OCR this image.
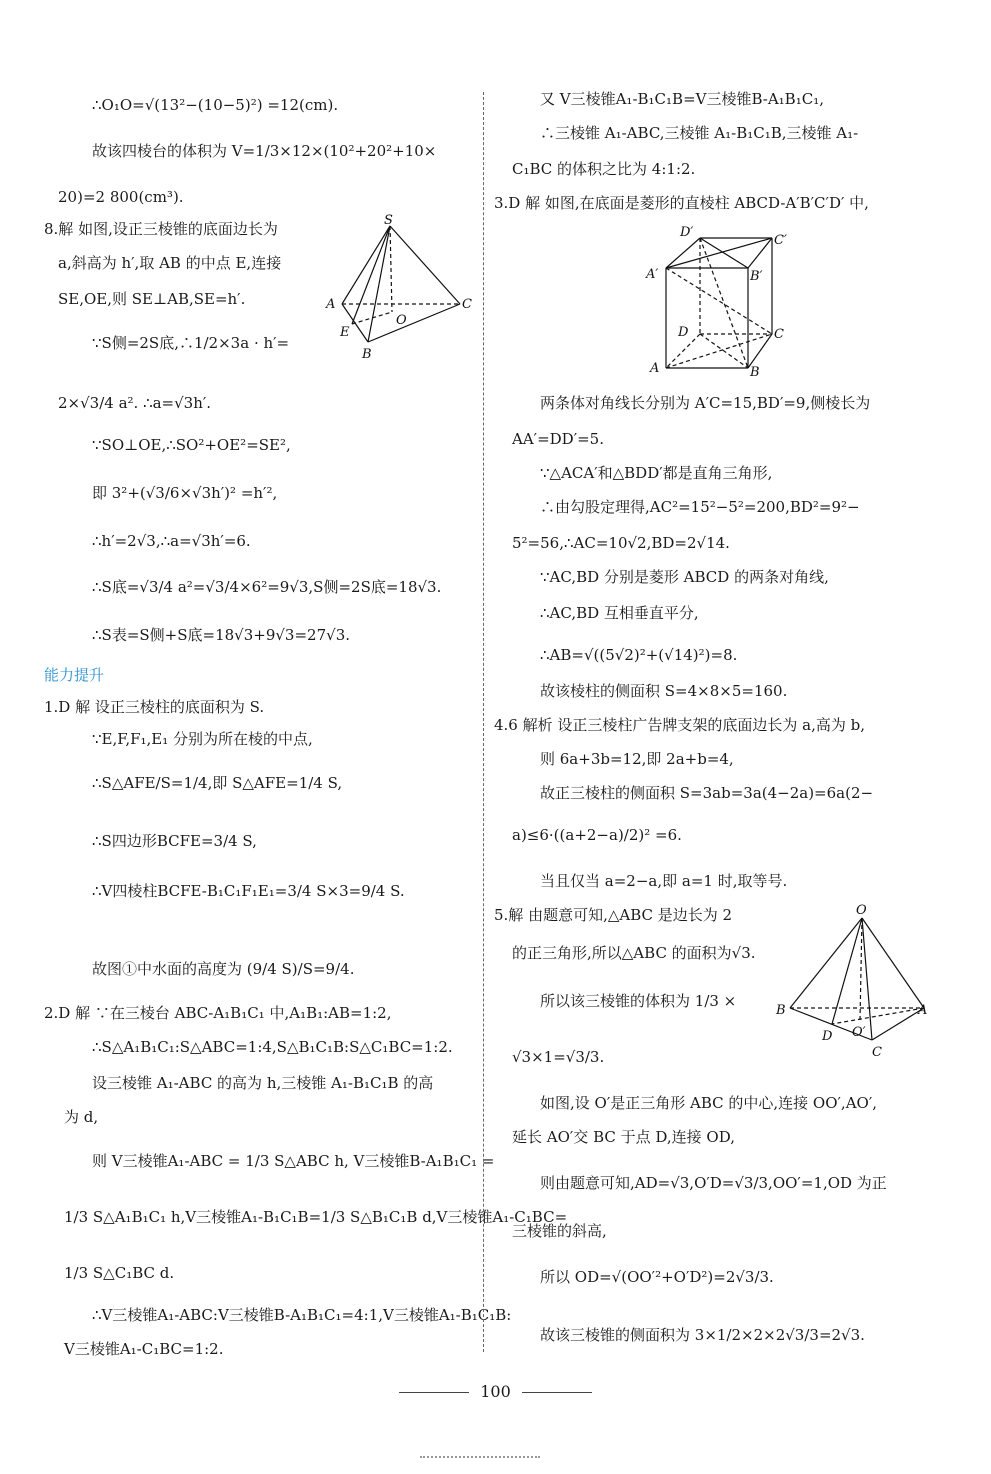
∴O₁O=√(13²−(10−5)²) =12(cm).
故该四棱台的体积为 V=1/3×12×(10²+20²+10×
20)=2 800(cm³).
8.解 如图,设正三棱锥的底面边长为
a,斜高为 h′,取 AB 的中点 E,连接
SE,OE,则 SE⊥AB,SE=h′.
∵S侧=2S底,∴1/2×3a · h′=
2×√3/4 a². ∴a=√3h′.
∵SO⊥OE,∴SO²+OE²=SE²,
即 3²+(√3/6×√3h′)² =h′²,
∴h′=2√3,∴a=√3h′=6.
∴S底=√3/4 a²=√3/4×6²=9√3,S侧=2S底=18√3.
∴S表=S侧+S底=18√3+9√3=27√3.
能力提升
1.D 解 设正三棱柱的底面积为 S.
∵E,F,F₁,E₁ 分别为所在棱的中点,
∴S△AFE/S=1/4,即 S△AFE=1/4 S,
∴S四边形BCFE=3/4 S,
∴V四棱柱BCFE-B₁C₁F₁E₁=3/4 S×3=9/4 S.
故图①中水面的高度为 (9/4 S)/S=9/4.
2.D 解 ∵在三棱台 ABC-A₁B₁C₁ 中,A₁B₁:AB=1:2,
∴S△A₁B₁C₁:S△ABC=1:4,S△B₁C₁B:S△C₁BC=1:2.
设三棱锥 A₁-ABC 的高为 h,三棱锥 A₁-B₁C₁B 的高
为 d,
则 V三棱锥A₁-ABC = 1/3 S△ABC h, V三棱锥B-A₁B₁C₁ =
1/3 S△A₁B₁C₁ h,V三棱锥A₁-B₁C₁B=1/3 S△B₁C₁B d,V三棱锥A₁-C₁BC=
1/3 S△C₁BC d.
∴V三棱锥A₁-ABC:V三棱锥B-A₁B₁C₁=4:1,V三棱锥A₁-B₁C₁B:
V三棱锥A₁-C₁BC=1:2.
S
A	C
E
O
B
又 V三棱锥A₁-B₁C₁B=V三棱锥B-A₁B₁C₁,
∴三棱锥 A₁-ABC,三棱锥 A₁-B₁C₁B,三棱锥 A₁-
C₁BC 的体积之比为 4:1:2.
3.D 解 如图,在底面是菱形的直棱柱 ABCD-A′B′C′D′ 中,
D′
C′
A′	B′
D	C
A	B
两条体对角线长分别为 A′C=15,BD′=9,侧棱长为
AA′=DD′=5.
∵△ACA′和△BDD′都是直角三角形,
∴由勾股定理得,AC²=15²−5²=200,BD²=9²−
5²=56,∴AC=10√2,BD=2√14.
∵AC,BD 分别是菱形 ABCD 的两条对角线,
∴AC,BD 互相垂直平分,
∴AB=√((5√2)²+(√14)²)=8.
故该棱柱的侧面积 S=4×8×5=160.
4.6 解析 设正三棱柱广告牌支架的底面边长为 a,高为 b,
则 6a+3b=12,即 2a+b=4,
故正三棱柱的侧面积 S=3ab=3a(4−2a)=6a(2−
a)≤6·((a+2−a)/2)² =6.
当且仅当 a=2−a,即 a=1 时,取等号.
5.解 由题意可知,△ABC 是边长为 2
的正三角形,所以△ABC 的面积为√3.
所以该三棱锥的体积为 1/3 ×
√3×1=√3/3.
如图,设 O′是正三角形 ABC 的中心,连接 OO′,AO′,
延长 AO′交 BC 于点 D,连接 OD,
则由题意可知,AD=√3,O′D=√3/3,OO′=1,OD 为正
三棱锥的斜高,
所以 OD=√(OO′²+O′D²)=2√3/3.
故该三棱锥的侧面积为 3×1/2×2×2√3/3=2√3.
O
B	A
O′
D
C
100
